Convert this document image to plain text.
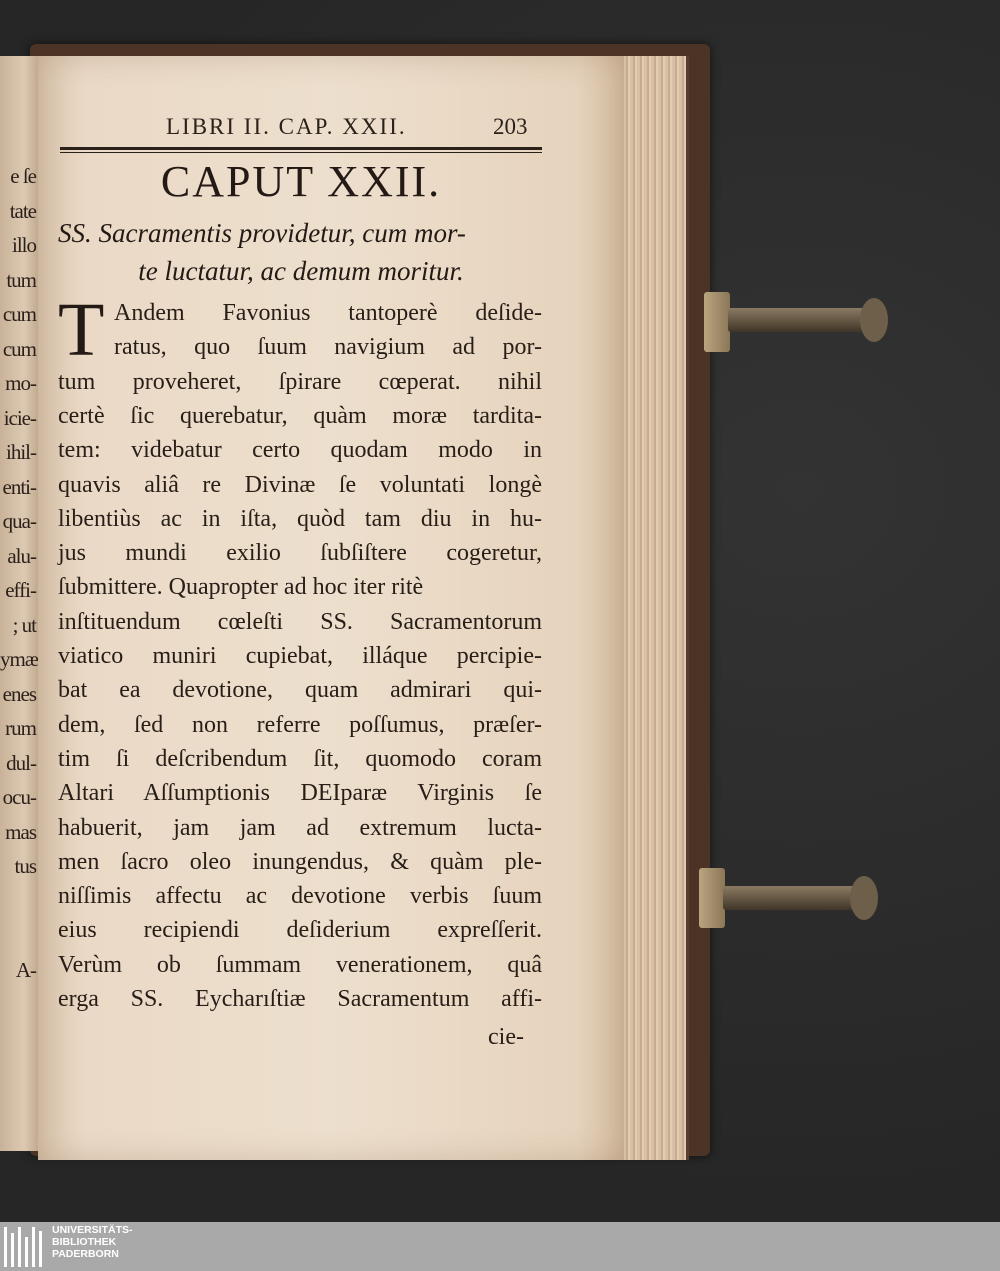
e ſe
tate
illo
tum
cum
cum
mo-
icie-
ihil-
enti-
qua-
alu-
effi-
; ut
ymæ
enes
rum
dul-
ocu-
mas
tus
A-
LIBRI II. CAP. XXII.	203
CAPUT XXII.
SS. Sacramentis providetur, cum mor-
te luctatur, ac demum moritur.
T Andem Favonius tantoperè deſide-
ratus, quo ſuum navigium ad por-
tum proveheret, ſpirare cœperat. nihil
certè ſic querebatur, quàm moræ tardita-
tem: videbatur certo quodam modo in
quavis aliâ re Divinæ ſe voluntati longè
libentiùs ac in iſta, quòd tam diu in hu-
jus mundi exilio ſubſiſtere cogeretur,
ſubmittere. Quapropter ad hoc iter ritè
inſtituendum cœleſti SS. Sacramentorum
viatico muniri cupiebat, illáque percipie-
bat ea devotione, quam admirari qui-
dem, ſed non referre poſſumus, præſer-
tim ſi deſcribendum ſit, quomodo coram
Altari Aſſumptionis DEIparæ Virginis ſe
habuerit, jam jam ad extremum luctа-
men ſacro oleo inungendus, & quàm ple-
niſſimis affectu ac devotione verbis ſuum
eius recipiendi deſiderium expreſſerit.
Verùm ob ſummam venerationem, quâ
erga SS. Eycharıſtiæ Sacramentum affi-
cie-
UNIVERSITÄTS-
BIBLIOTHEK
PADERBORN
